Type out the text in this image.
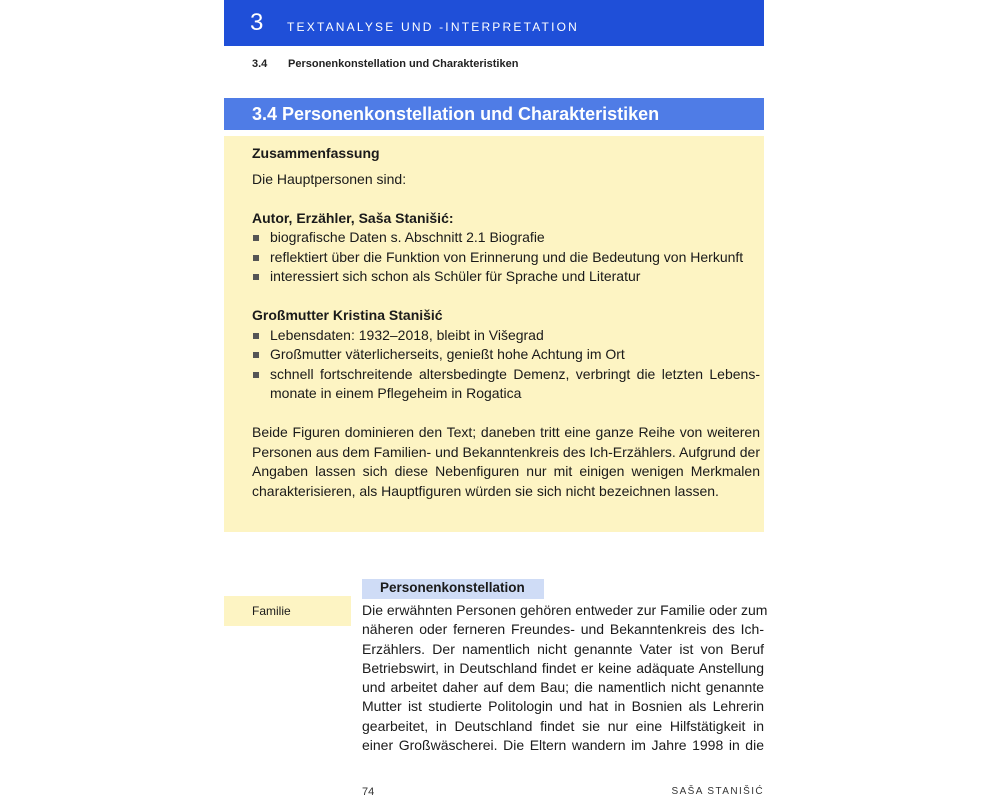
3 TEXTANALYSE UND -INTERPRETATION
3.4 Personenkonstellation und Charakteristiken
3.4 Personenkonstellation und Charakteristiken

Zusammenfassung

Die Hauptpersonen sind:

Autor, Erzähler, Saša Stanišić:

biografische Daten s. Abschnitt 2.1 Biografie
reflektiert über die Funktion von Erinnerung und die Bedeutung von Herkunft
interessiert sich schon als Schüler für Sprache und Literatur

Großmutter Kristina Stanišić

Lebensdaten: 1932–2018, bleibt in Višegrad
Großmutter väterlicherseits, genießt hohe Achtung im Ort
schnell fortschreitende altersbedingte Demenz, verbringt die letzten Lebens-monate in einem Pflegeheim in Rogatica

Beide Figuren dominieren den Text; daneben tritt eine ganze Reihe von weiteren Personen aus dem Familien- und Bekanntenkreis des Ich-Erzählers. Aufgrund der Angaben lassen sich diese Nebenfiguren nur mit einigen wenigen Merkmalen charakterisieren, als Hauptfiguren würden sie sich nicht bezeichnen lassen.

Personenkonstellation
Familie	Die erwähnten Personen gehören entweder zur Familie oder zum
näheren oder ferneren Freundes- und Bekanntenkreis des Ich-
Erzählers. Der namentlich nicht genannte Vater ist von Beruf
Betriebswirt, in Deutschland findet er keine adäquate Anstellung
und arbeitet daher auf dem Bau; die namentlich nicht genannte
Mutter ist studierte Politologin und hat in Bosnien als Lehrerin
gearbeitet, in Deutschland findet sie nur eine Hilfstätigkeit in
einer Großwäscherei. Die Eltern wandern im Jahre 1998 in die
74	SAŠA STANIŠIĆ
